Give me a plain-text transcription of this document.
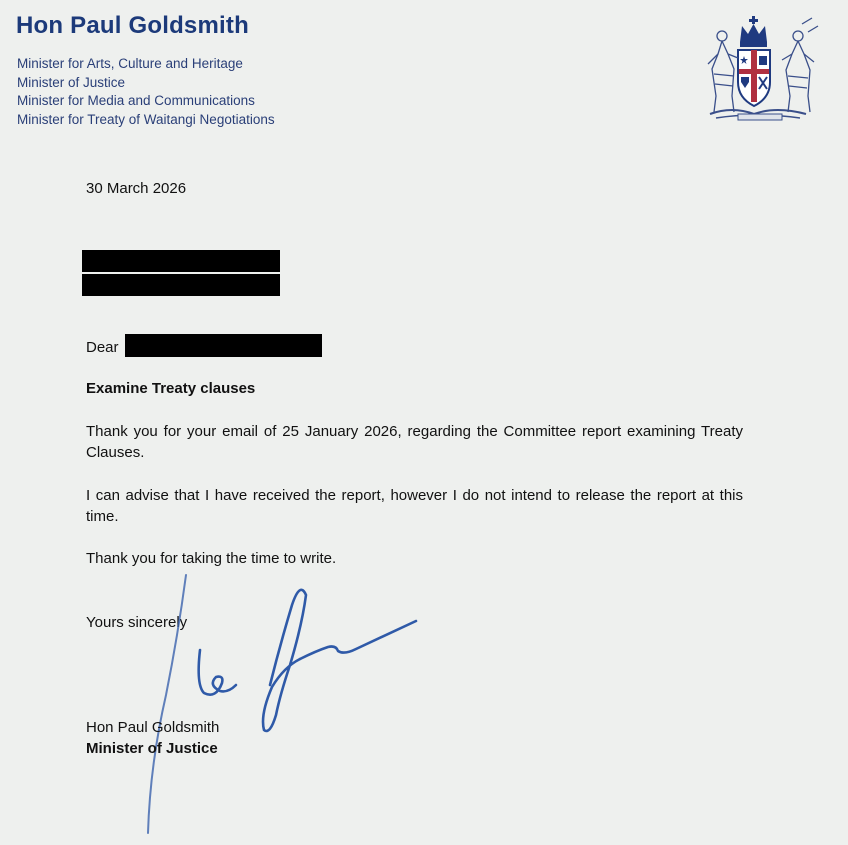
Hon Paul Goldsmith
Minister for Arts, Culture and Heritage
Minister of Justice
Minister for Media and Communications
Minister for Treaty of Waitangi Negotiations
30 March 2026
Dear
Examine Treaty clauses
Thank you for your email of 25 January 2026, regarding the Committee report examining Treaty Clauses.
I can advise that I have received the report, however I do not intend to release the report at this time.
Thank you for taking the time to write.
Yours sincerely
Hon Paul Goldsmith
Minister of Justice
